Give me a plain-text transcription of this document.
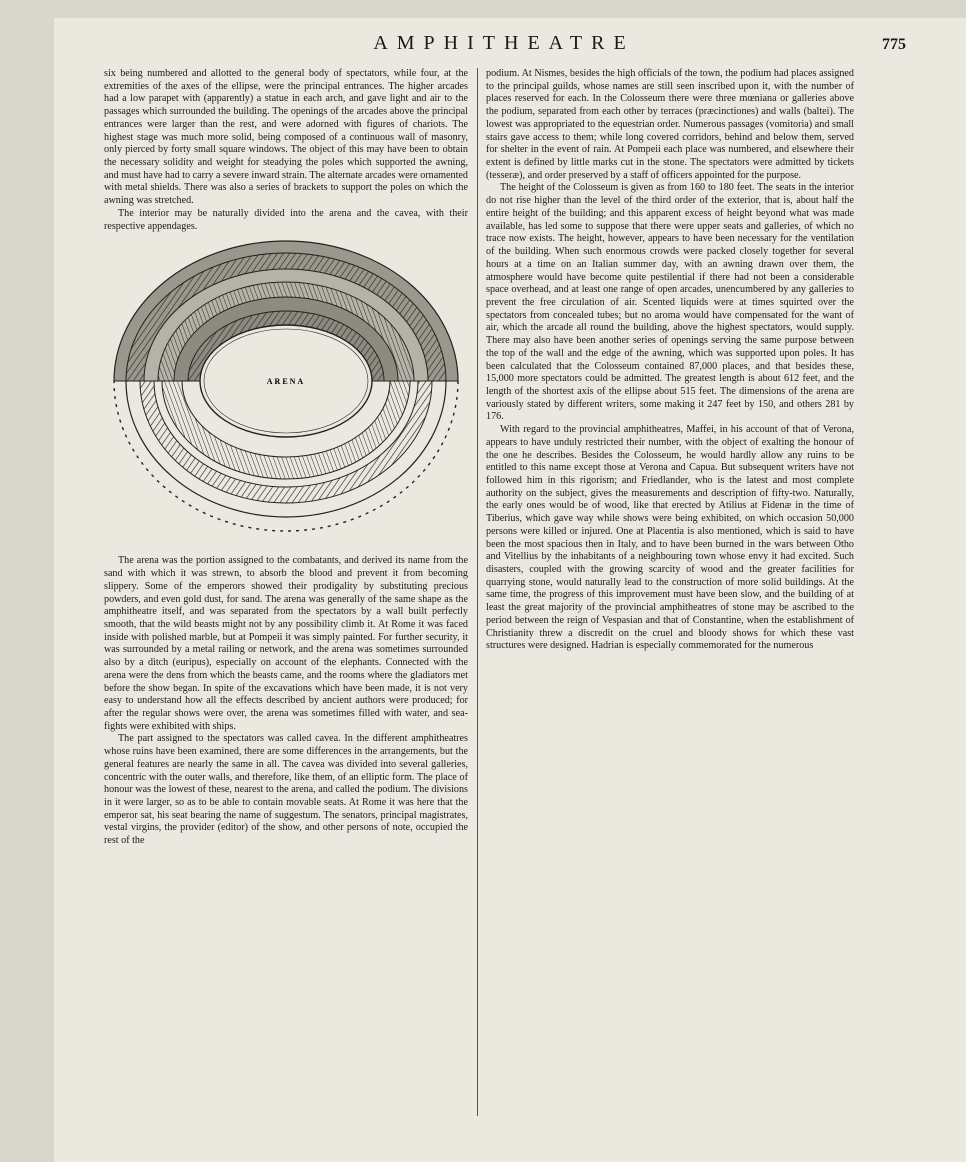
AMPHITHEATRE	775

six being numbered and allotted to the general body of spectators, while four, at the extremities of the axes of the ellipse, were the principal entrances. The higher arcades had a low parapet with (apparently) a statue in each arch, and gave light and air to the passages which surrounded the building. The openings of the arcades above the principal entrances were larger than the rest, and were adorned with figures of chariots. The highest stage was much more solid, being composed of a continuous wall of masonry, only pierced by forty small square windows. The object of this may have been to obtain the necessary solidity and weight for steadying the poles which supported the awning, and must have had to carry a severe inward strain. The alternate arcades were ornamented with metal shields. There was also a series of brackets to support the poles on which the awning was stretched.

The interior may be naturally divided into the arena and the cavea, with their respective appendages.

ARENA

The arena was the portion assigned to the combatants, and derived its name from the sand with which it was strewn, to absorb the blood and prevent it from becoming slippery. Some of the emperors showed their prodigality by substituting precious powders, and even gold dust, for sand. The arena was generally of the same shape as the amphitheatre itself, and was separated from the spectators by a wall built perfectly smooth, that the wild beasts might not by any possibility climb it. At Rome it was faced inside with polished marble, but at Pompeii it was simply painted. For further security, it was surrounded by a metal railing or network, and the arena was sometimes surrounded also by a ditch (euripus), especially on account of the elephants. Connected with the arena were the dens from which the beasts came, and the rooms where the gladiators met before the show began. In spite of the excavations which have been made, it is not very easy to understand how all the effects described by ancient authors were produced; for after the regular shows were over, the arena was sometimes filled with water, and sea-fights were exhibited with ships.

The part assigned to the spectators was called cavea. In the different amphitheatres whose ruins have been examined, there are some differences in the arrangements, but the general features are nearly the same in all. The cavea was divided into several galleries, concentric with the outer walls, and therefore, like them, of an elliptic form. The place of honour was the lowest of these, nearest to the arena, and called the podium. The divisions in it were larger, so as to be able to contain movable seats. At Rome it was here that the emperor sat, his seat bearing the name of suggestum. The senators, principal magistrates, vestal virgins, the provider (editor) of the show, and other persons of note, occupied the rest of the

podium. At Nismes, besides the high officials of the town, the podium had places assigned to the principal guilds, whose names are still seen inscribed upon it, with the number of places reserved for each. In the Colosseum there were three mœniana or galleries above the podium, separated from each other by terraces (præcinctiones) and walls (baltei). The lowest was appropriated to the equestrian order. Numerous passages (vomitoria) and small stairs gave access to them; while long covered corridors, behind and below them, served for shelter in the event of rain. At Pompeii each place was numbered, and elsewhere their extent is defined by little marks cut in the stone. The spectators were admitted by tickets (tesseræ), and order preserved by a staff of officers appointed for the purpose.

The height of the Colosseum is given as from 160 to 180 feet. The seats in the interior do not rise higher than the level of the third order of the exterior, that is, about half the entire height of the building; and this apparent excess of height beyond what was made available, has led some to suppose that there were upper seats and galleries, of which no trace now exists. The height, however, appears to have been necessary for the ventilation of the building. When such enormous crowds were packed closely together for several hours at a time on an Italian summer day, with an awning drawn over them, the atmosphere would have become quite pestilential if there had not been a considerable space overhead, and at least one range of open arcades, unencumbered by any galleries to prevent the free circulation of air. Scented liquids were at times squirted over the spectators from concealed tubes; but no aroma would have compensated for the want of air, which the arcade all round the building, above the highest spectators, would supply. There may also have been another series of openings serving the same purpose between the top of the wall and the edge of the awning, which was supported upon poles. It has been calculated that the Colosseum contained 87,000 places, and that besides these, 15,000 more spectators could be admitted. The greatest length is about 612 feet, and the length of the shortest axis of the ellipse about 515 feet. The dimensions of the arena are variously stated by different writers, some making it 247 feet by 150, and others 281 by 176.

With regard to the provincial amphitheatres, Maffei, in his account of that of Verona, appears to have unduly restricted their number, with the object of exalting the honour of the one he describes. Besides the Colosseum, he would hardly allow any ruins to be entitled to this name except those at Verona and Capua. But subsequent writers have not followed him in this rigorism; and Friedlander, who is the latest and most complete authority on the subject, gives the measurements and description of fifty-two. Naturally, the early ones would be of wood, like that erected by Atilius at Fidenæ in the time of Tiberius, which gave way while shows were being exhibited, on which occasion 50,000 persons were killed or injured. One at Placentia is also mentioned, which is said to have been the most spacious then in Italy, and to have been burned in the wars between Otho and Vitellius by the inhabitants of a neighbouring town whose envy it had excited. Such disasters, coupled with the growing scarcity of wood and the greater facilities for quarrying stone, would naturally lead to the construction of more solid buildings. At the same time, the progress of this improvement must have been slow, and the building of at least the great majority of the provincial amphitheatres of stone may be ascribed to the period between the reign of Vespasian and that of Constantine, when the establishment of Christianity threw a discredit on the cruel and bloody shows for which these vast structures were designed. Hadrian is especially commemorated for the numerous
